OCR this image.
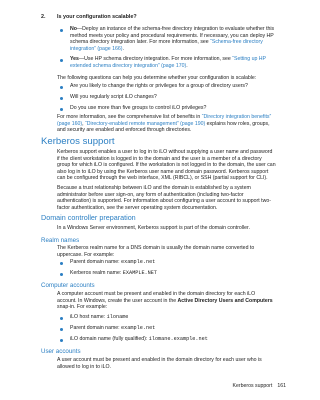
2. Is your configuration scalable?
No—Deploy an instance of the schema-free directory integration to evaluate whether this method meets your policy and procedural requirements. If necessary, you can deploy HP schema directory integration later. For more information, see “Schema-free directory integration” (page 166).
Yes—Use HP schema directory integration. For more information, see “Setting up HP extended schema directory integration” (page 170).
The following questions can help you determine whether your configuration is scalable:
Are you likely to change the rights or privileges for a group of directory users?
Will you regularly script iLO changes?
Do you use more than five groups to control iLO privileges?
For more information, see the comprehensive list of benefits in “Directory integration benefits” (page 160), “Directory-enabled remote management” (page 190) explains how roles, groups, and security are enabled and enforced through directories.
Kerberos support
Kerberos support enables a user to log in to iLO without supplying a user name and password if the client workstation is logged in to the domain and the user is a member of a directory group for which iLO is configured. If the workstation is not logged in to the domain, the user can also log in to iLO by using the Kerberos user name and domain password. Kerberos support can be configured through the web interface, XML (RIBCL), or SSH (partial support for CLI).
Because a trust relationship between iLO and the domain is established by a system administrator before user sign-on, any form of authentication (including two-factor authentication) is supported. For information about configuring a user account to support two-factor authentication, see the server operating system documentation.
Domain controller preparation
In a Windows Server environment, Kerberos support is part of the domain controller.
Realm names
The Kerberos realm name for a DNS domain is usually the domain name converted to uppercase. For example:
Parent domain name: example.net
Kerberos realm name: EXAMPLE.NET
Computer accounts
A computer account must be present and enabled in the domain directory for each iLO account. In Windows, create the user account in the Active Directory Users and Computers snap-in. For example:
iLO host name: iloname
Parent domain name: example.net
iLO domain name (fully qualified): ilomane.example.net
User accounts
A user account must be present and enabled in the domain directory for each user who is allowed to log in to iLO.
Kerberos support 161
